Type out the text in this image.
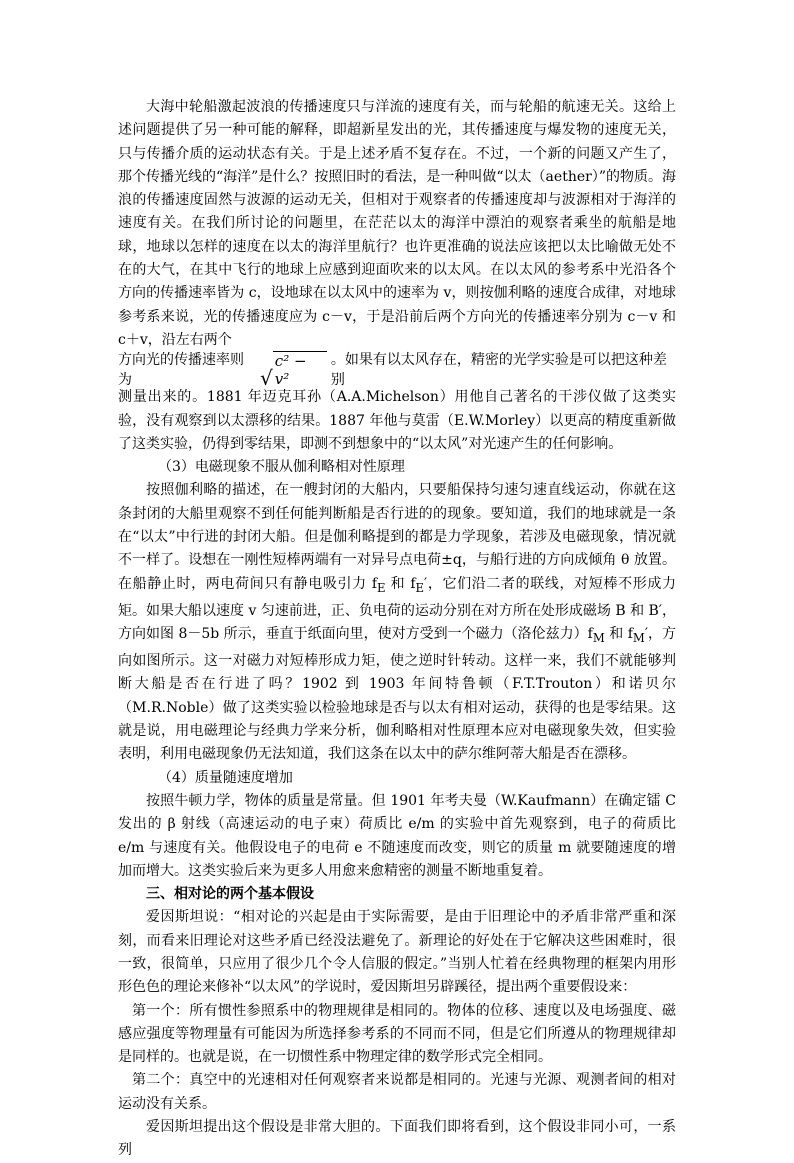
大海中轮船激起波浪的传播速度只与洋流的速度有关，而与轮船的航速无关。这给上述问题提供了另一种可能的解释，即超新星发出的光，其传播速度与爆发物的速度无关，只与传播介质的运动状态有关。于是上述矛盾不复存在。不过，一个新的问题又产生了，那个传播光线的“海洋”是什么？按照旧时的看法，是一种叫做“以太（aether）”的物质。海浪的传播速度固然与波源的运动无关，但相对于观察者的传播速度却与波源相对于海洋的速度有关。在我们所讨论的问题里，在茫茫以太的海洋中漂泊的观察者乘坐的航船是地球，地球以怎样的速度在以太的海洋里航行？也许更准确的说法应该把以太比喻做无处不在的大气，在其中飞行的地球上应感到迎面吹来的以太风。在以太风的参考系中光沿各个方向的传播速率皆为 c，设地球在以太风中的速率为 v，则按伽利略的速度合成律，对地球参考系来说，光的传播速度应为 c－v，于是沿前后两个方向光的传播速率分别为 c－v 和 c＋v，沿左右两个

方向光的传播速率则为	√
c² − v²
。如果有以太风存在，精密的光学实验是可以把这种差别

测量出来的。1881 年迈克耳孙（A.A.Michelson）用他自己著名的干涉仪做了这类实验，没有观察到以太漂移的结果。1887 年他与莫雷（E.W.Morley）以更高的精度重新做了这类实验，仍得到零结果，即测不到想象中的“以太风”对光速产生的任何影响。

（3）电磁现象不服从伽利略相对性原理

按照伽利略的描述，在一艘封闭的大船内，只要船保持匀速匀速直线运动，你就在这条封闭的大船里观察不到任何能判断船是否行进的的现象。要知道，我们的地球就是一条在“以太”中行进的封闭大船。但是伽利略提到的都是力学现象，若涉及电磁现象，情况就不一样了。设想在一刚性短棒两端有一对异号点电荷±q，与船行进的方向成倾角 θ 放置。在船静止时，两电荷间只有静电吸引力 $f_E$ 和 $f_E'$，它们沿二者的联线，对短棒不形成力矩。如果大船以速度 v 匀速前进，正、负电荷的运动分别在对方所在处形成磁场 B 和 B′，方向如图 8－5b 所示，垂直于纸面向里，使对方受到一个磁力（洛伦兹力）$f_M$ 和 $f_M'$，方向如图所示。这一对磁力对短棒形成力矩，使之逆时针转动。这样一来，我们不就能够判断大船是否在行进了吗？1902 到 1903 年间特鲁顿（F.T.Trouton）和诺贝尔（M.R.Noble）做了这类实验以检验地球是否与以太有相对运动，获得的也是零结果。这就是说，用电磁理论与经典力学来分析，伽利略相对性原理本应对电磁现象失效，但实验表明，利用电磁现象仍无法知道，我们这条在以太中的萨尔维阿蒂大船是否在漂移。

（4）质量随速度增加

按照牛顿力学，物体的质量是常量。但 1901 年考夫曼（W.Kaufmann）在确定镭 C 发出的 β 射线（高速运动的电子束）荷质比 e/m 的实验中首先观察到，电子的荷质比 e/m 与速度有关。他假设电子的电荷 e 不随速度而改变，则它的质量 m 就要随速度的增加而增大。这类实验后来为更多人用愈来愈精密的测量不断地重复着。

三、相对论的两个基本假设

爱因斯坦说：“相对论的兴起是由于实际需要，是由于旧理论中的矛盾非常严重和深刻，而看来旧理论对这些矛盾已经没法避免了。新理论的好处在于它解决这些困难时，很一致，很简单，只应用了很少几个令人信服的假定。”当别人忙着在经典物理的框架内用形形色色的理论来修补“以太风”的学说时，爱因斯坦另辟蹊径，提出两个重要假设来：

第一个：所有惯性参照系中的物理规律是相同的。物体的位移、速度以及电场强度、磁感应强度等物理量有可能因为所选择参考系的不同而不同，但是它们所遵从的物理规律却是同样的。也就是说，在一切惯性系中物理定律的数学形式完全相同。

第二个：真空中的光速相对任何观察者来说都是相同的。光速与光源、观测者间的相对运动没有关系。

爱因斯坦提出这个假设是非常大胆的。下面我们即将看到，这个假设非同小可，一系列
